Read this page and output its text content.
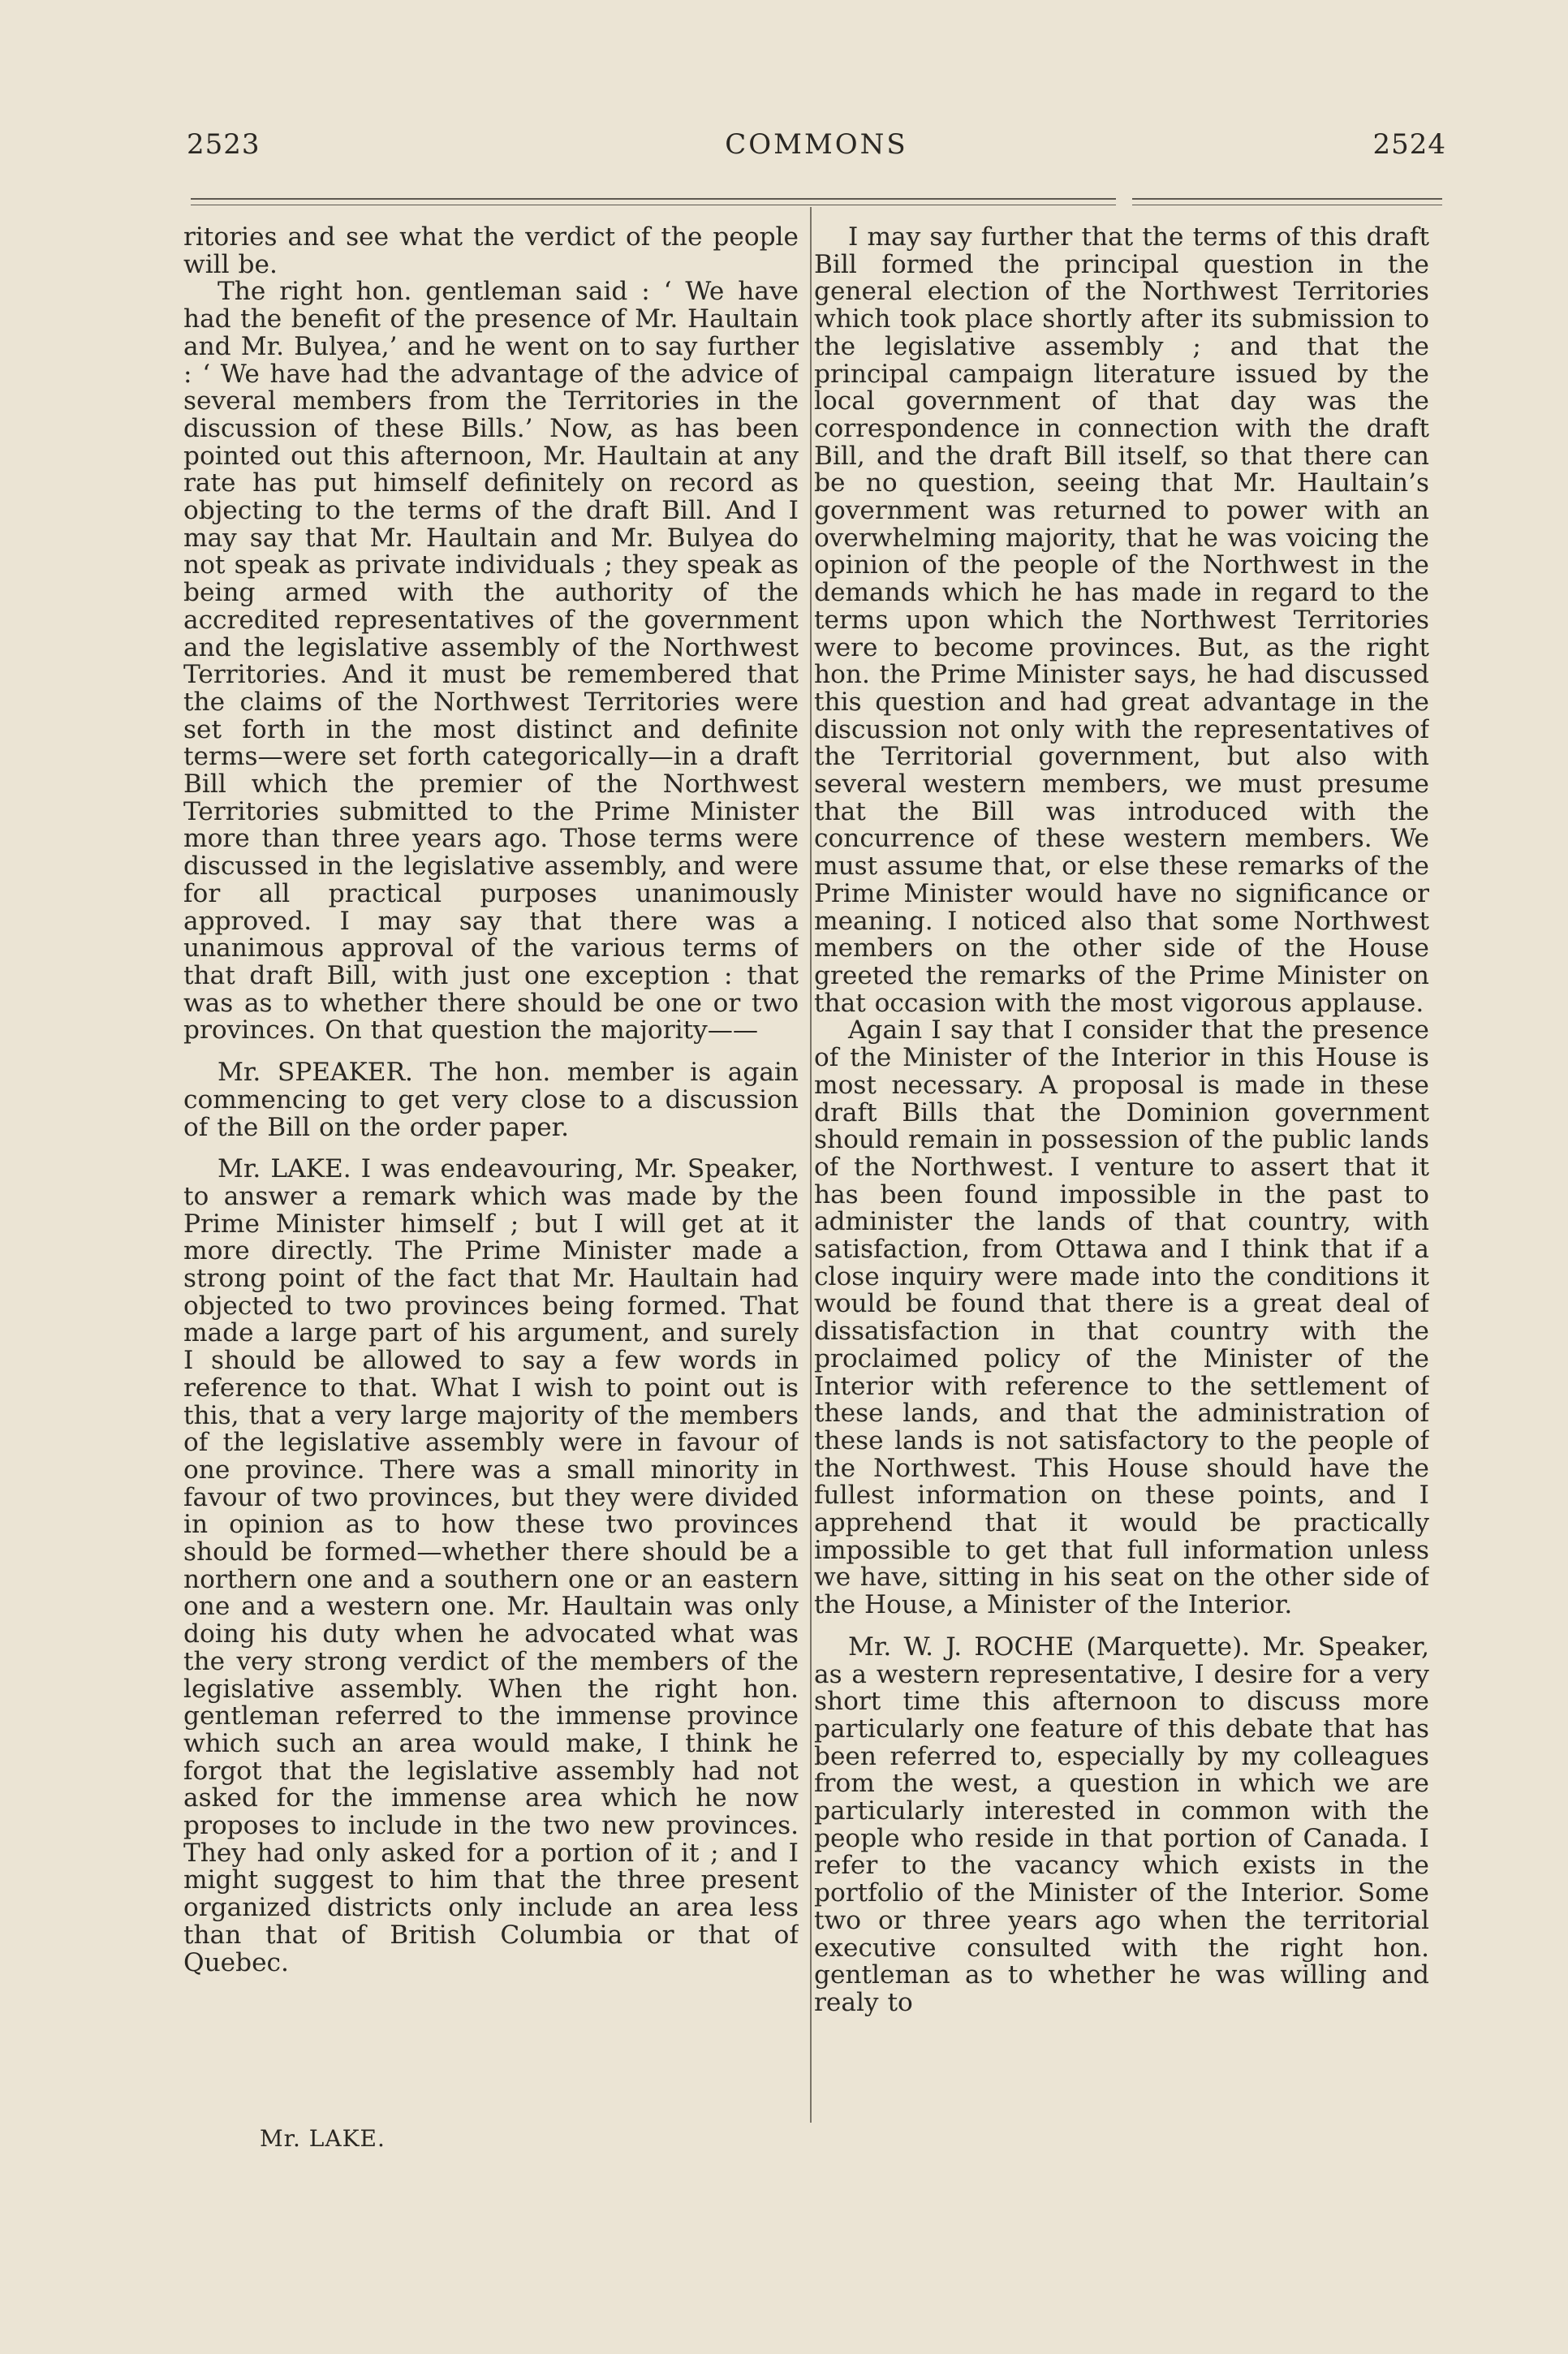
2523	COMMONS	2524

ritories and see what the verdict of the people will be.

The right hon. gentleman said : ‘ We have had the benefit of the presence of Mr. Haultain and Mr. Bulyea,’ and he went on to say further : ‘ We have had the advantage of the advice of several members from the Territories in the discussion of these Bills.’ Now, as has been pointed out this afternoon, Mr. Haultain at any rate has put himself definitely on record as objecting to the terms of the draft Bill. And I may say that Mr. Haultain and Mr. Bulyea do not speak as private individuals ; they speak as being armed with the authority of the accredited representatives of the government and the legislative assembly of the Northwest Territories. And it must be remembered that the claims of the Northwest Territories were set forth in the most distinct and definite terms—were set forth categorically—in a draft Bill which the premier of the Northwest Territories submitted to the Prime Minister more than three years ago. Those terms were discussed in the legislative assembly, and were for all practical purposes unanimously approved. I may say that there was a unanimous approval of the various terms of that draft Bill, with just one exception : that was as to whether there should be one or two provinces. On that question the majority——

Mr. SPEAKER. The hon. member is again commencing to get very close to a discussion of the Bill on the order paper.

Mr. LAKE. I was endeavouring, Mr. Speaker, to answer a remark which was made by the Prime Minister himself ; but I will get at it more directly. The Prime Minister made a strong point of the fact that Mr. Haultain had objected to two provinces being formed. That made a large part of his argument, and surely I should be allowed to say a few words in reference to that. What I wish to point out is this, that a very large majority of the members of the legislative assembly were in favour of one province. There was a small minority in favour of two provinces, but they were divided in opinion as to how these two provinces should be formed—whether there should be a northern one and a southern one or an eastern one and a western one. Mr. Haultain was only doing his duty when he advocated what was the very strong verdict of the members of the legislative assembly. When the right hon. gentleman referred to the immense province which such an area would make, I think he forgot that the legislative assembly had not asked for the immense area which he now proposes to include in the two new provinces. They had only asked for a portion of it ; and I might suggest to him that the three present organized districts only include an area less than that of British Columbia or that of Quebec.

I may say further that the terms of this draft Bill formed the principal question in the general election of the Northwest Territories which took place shortly after its submission to the legislative assembly ; and that the principal campaign literature issued by the local government of that day was the correspondence in connection with the draft Bill, and the draft Bill itself, so that there can be no question, seeing that Mr. Haultain’s government was returned to power with an overwhelming majority, that he was voicing the opinion of the people of the Northwest in the demands which he has made in regard to the terms upon which the Northwest Territories were to become provinces. But, as the right hon. the Prime Minister says, he had discussed this question and had great advantage in the discussion not only with the representatives of the Territorial government, but also with several western members, we must presume that the Bill was introduced with the concurrence of these western members. We must assume that, or else these remarks of the Prime Minister would have no significance or meaning. I noticed also that some Northwest members on the other side of the House greeted the remarks of the Prime Minister on that occasion with the most vigorous applause.

Again I say that I consider that the presence of the Minister of the Interior in this House is most necessary. A proposal is made in these draft Bills that the Dominion government should remain in possession of the public lands of the Northwest. I venture to assert that it has been found impossible in the past to administer the lands of that country, with satisfaction, from Ottawa and I think that if a close inquiry were made into the conditions it would be found that there is a great deal of dissatisfaction in that country with the proclaimed policy of the Minister of the Interior with reference to the settlement of these lands, and that the administration of these lands is not satisfactory to the people of the Northwest. This House should have the fullest information on these points, and I apprehend that it would be practically impossible to get that full information unless we have, sitting in his seat on the other side of the House, a Minister of the Interior.

Mr. W. J. ROCHE (Marquette). Mr. Speaker, as a western representative, I desire for a very short time this afternoon to discuss more particularly one feature of this debate that has been referred to, especially by my colleagues from the west, a question in which we are particularly interested in common with the people who reside in that portion of Canada. I refer to the vacancy which exists in the portfolio of the Minister of the Interior. Some two or three years ago when the territorial executive consulted with the right hon. gentleman as to whether he was willing and realy to

Mr. LAKE.
